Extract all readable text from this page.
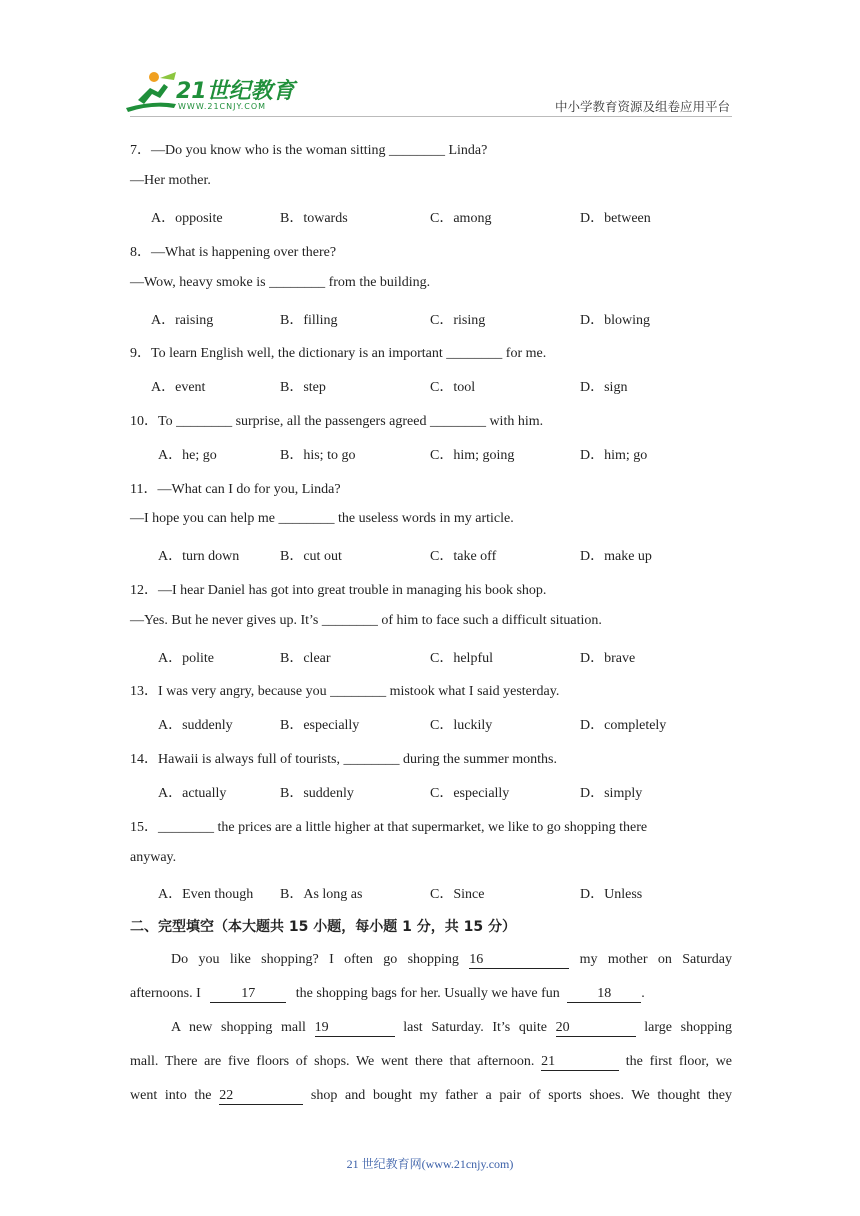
21世纪教育
WWW.21CNJY.COM	中小学教育资源及组卷应用平台
7．—Do you know who is the woman sitting ________ Linda?
—Her mother.
A．opposite	B．towards	C．among	D．between
8．—What is happening over there?
—Wow, heavy smoke is ________ from the building.
A．raising	B．filling	C．rising	D．blowing
9．To learn English well, the dictionary is an important ________ for me.
A．event	B．step	C．tool	D．sign
10．To ________ surprise, all the passengers agreed ________ with him.
A．he; go	B．his; to go	C．him; going	D．him; go
11．—What can I do for you, Linda?
—I hope you can help me ________ the useless words in my article.
A．turn down	B．cut out	C．take off	D．make up
12．—I hear Daniel has got into great trouble in managing his book shop.
—Yes. But he never gives up. It’s ________ of him to face such a difficult situation.
A．polite	B．clear	C．helpful	D．brave
13．I was very angry, because you ________ mistook what I said yesterday.
A．suddenly	B．especially	C．luckily	D．completely
14．Hawaii is always full of tourists, ________ during the summer months.
A．actually	B．suddenly	C．especially	D．simply
15．________ the prices are a little higher at that supermarket, we like to go shopping there
anyway.
A．Even though B．As long as	C．Since	D．Unless
二、完型填空（本大题共 15 小题，每小题 1 分，共 15 分）
Do you like shopping? I often go shopping 16	my mother on Saturday
afternoons. I	17	the shopping bags for her. Usually we have fun	18 .
A new shopping mall 19	last Saturday. It’s quite 20	large shopping
mall. There are five floors of shops. We went there that afternoon. 21	the first floor, we
went into the 22	shop and bought my father a pair of sports shoes. We thought they
21 世纪教育网(www.21cnjy.com)
